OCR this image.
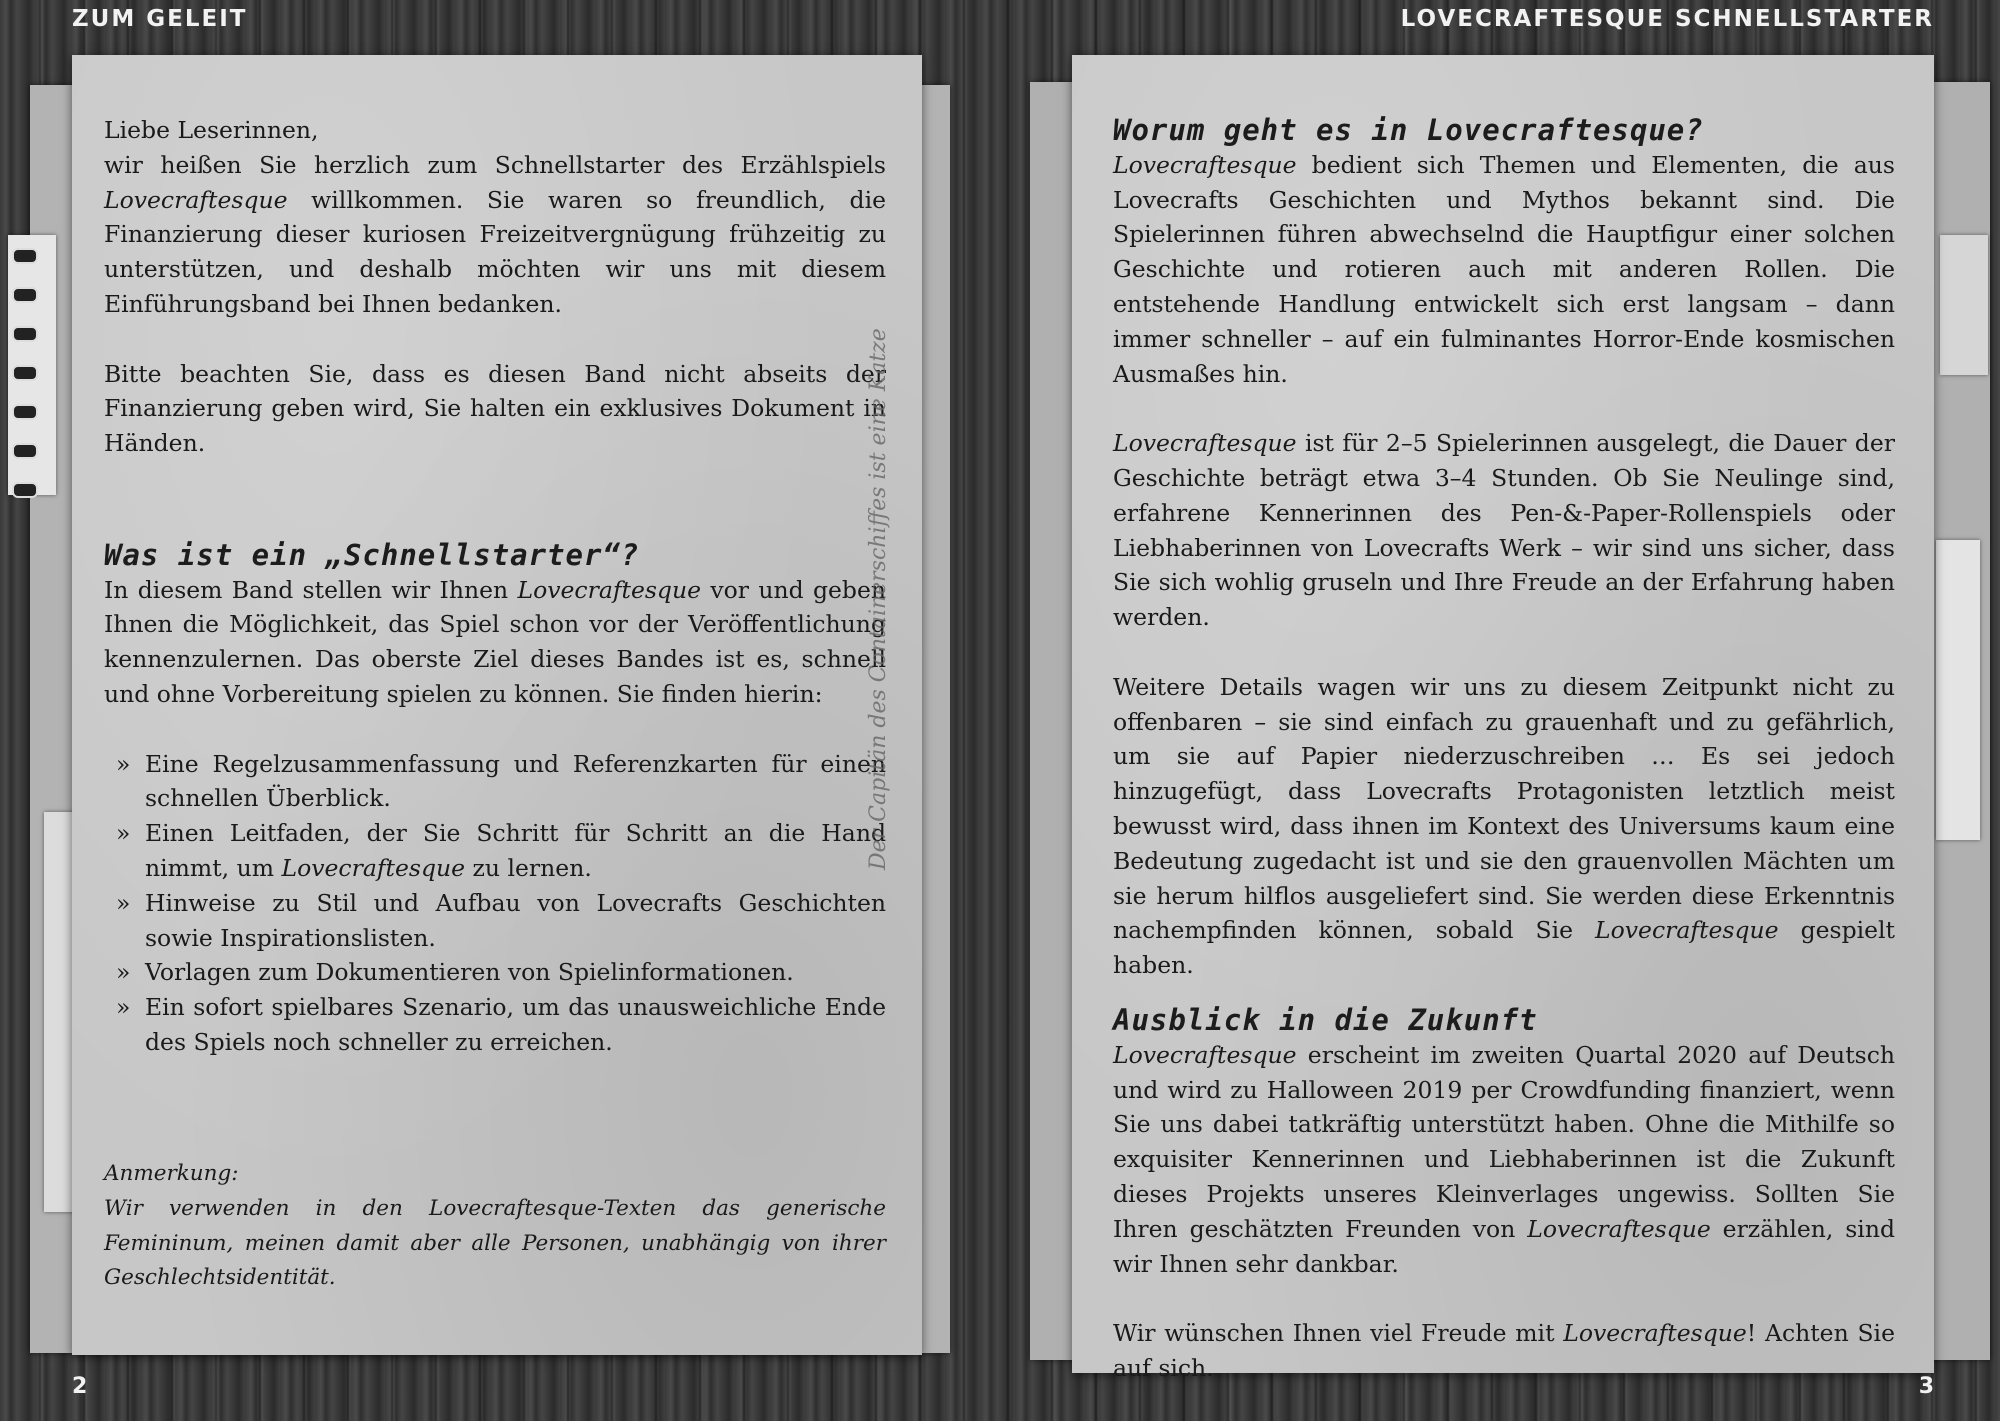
ZUM GELEIT	LOVECRAFTESQUE SCHNELLSTARTER

Liebe Leserinnen,

wir heißen Sie herzlich zum Schnellstarter des Erzählspiels Lovecraftesque willkommen. Sie waren so freundlich, die Finanzierung dieser kuriosen Freizeitvergnügung frühzeitig zu unterstützen, und deshalb möchten wir uns mit diesem Einführungsband bei Ihnen bedanken.

Bitte beachten Sie, dass es diesen Band nicht abseits der Finanzierung geben wird, Sie halten ein exklusives Dokument in Händen.

Was ist ein „Schnellstarter“?

In diesem Band stellen wir Ihnen Lovecraftesque vor und geben Ihnen die Möglichkeit, das Spiel schon vor der Veröffentlichung kennenzulernen. Das oberste Ziel dieses Bandes ist es, schnell und ohne Vorbereitung spielen zu können. Sie finden hierin:

» Eine Regelzusammenfassung und Referenzkarten für einen schnellen Überblick.
» Einen Leitfaden, der Sie Schritt für Schritt an die Hand nimmt, um Lovecraftesque zu lernen.
» Hinweise zu Stil und Aufbau von Lovecrafts Geschichten sowie Inspirationslisten.
» Vorlagen zum Dokumentieren von Spielinformationen.
» Ein sofort spielbares Szenario, um das unausweichliche Ende des Spiels noch schneller zu erreichen.

Anmerkung:

Wir verwenden in den Lovecraftesque-Texten das generische Femininum, meinen damit aber alle Personen, unabhängig von ihrer Geschlechtsidentität.

Der Capitän des Containerschiffes ist eine Katze
Worum geht es in Lovecraftesque?

Lovecraftesque bedient sich Themen und Elementen, die aus Lovecrafts Geschichten und Mythos bekannt sind. Die Spielerinnen führen abwechselnd die Hauptfigur einer solchen Geschichte und rotieren auch mit anderen Rollen. Die entstehende Handlung entwickelt sich erst langsam – dann immer schneller – auf ein fulminantes Horror-Ende kosmischen Ausmaßes hin.

Lovecraftesque ist für 2–5 Spielerinnen ausgelegt, die Dauer der Geschichte beträgt etwa 3–4 Stunden. Ob Sie Neulinge sind, erfahrene Kennerinnen des Pen-&-Paper-Rollenspiels oder Liebhaberinnen von Lovecrafts Werk – wir sind uns sicher, dass Sie sich wohlig gruseln und Ihre Freude an der Erfahrung haben werden.

Weitere Details wagen wir uns zu diesem Zeitpunkt nicht zu offenbaren – sie sind einfach zu grauenhaft und zu gefährlich, um sie auf Papier niederzuschreiben … Es sei jedoch hinzugefügt, dass Lovecrafts Protagonisten letztlich meist bewusst wird, dass ihnen im Kontext des Universums kaum eine Bedeutung zugedacht ist und sie den grauenvollen Mächten um sie herum hilflos ausgeliefert sind. Sie werden diese Erkenntnis nachempfinden können, sobald Sie Lovecraftesque gespielt haben.

Ausblick in die Zukunft

Lovecraftesque erscheint im zweiten Quartal 2020 auf Deutsch und wird zu Halloween 2019 per Crowdfunding finanziert, wenn Sie uns dabei tatkräftig unterstützt haben. Ohne die Mithilfe so exquisiter Kennerinnen und Liebhaberinnen ist die Zukunft dieses Projekts unseres Kleinverlages ungewiss. Sollten Sie Ihren geschätzten Freunden von Lovecraftesque erzählen, sind wir Ihnen sehr dankbar.

Wir wünschen Ihnen viel Freude mit Lovecraftesque! Achten Sie auf sich.

2	3
